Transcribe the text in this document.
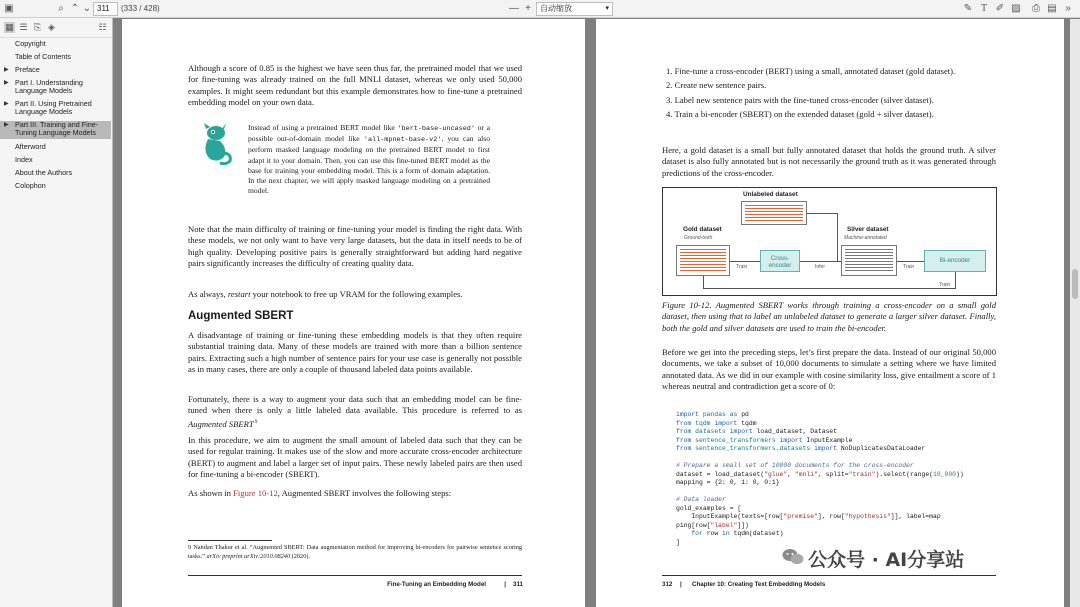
▣	⌕ ⌃ ⌄ 311	(333 / 428)	— +	自动缩放	▾	✎ T ✐ ▨ ⎙ ▤ »
▦ ☰ ⎘ ◈	☷
Copyright
Table of Contents
▶ Preface
▶ Part I. Understanding Language Models
▶ Part II. Using Pretrained Language Models
▶ Part III. Training and Fine-Tuning Language Models
Afterword
Index
About the Authors
Colophon
Although a score of 0.85 is the highest we have seen thus far, the pretrained model that we used for fine-tuning was already trained on the full MNLI dataset, whereas we only used 50,000 examples. It might seem redundant but this example demonstrates how to fine-tune a pretrained embedding model on your own data.
Instead of using a pretrained BERT model like 'bert-base-uncased' or a possible out-of-domain model like 'all-mpnet-base-v2', you can also perform masked language modeling on the pretrained BERT model to first adapt it to your domain. Then, you can use this fine-tuned BERT model as the base for training your embedding model. This is a form of domain adaptation. In the next chapter, we will apply masked language modeling on a pretrained model.
Note that the main difficulty of training or fine-tuning your model is finding the right data. With these models, we not only want to have very large datasets, but the data in itself needs to be of high quality. Developing positive pairs is generally straightforward but adding hard negative pairs significantly increases the difficulty of creating quality data.
As always, restart your notebook to free up VRAM for the following examples.
Augmented SBERT
A disadvantage of training or fine-tuning these embedding models is that they often require substantial training data. Many of these models are trained with more than a billion sentence pairs. Extracting such a high number of sentence pairs for your use case is generally not possible as in many cases, there are only a couple of thousand labeled data points available.
Fortunately, there is a way to augment your data such that an embedding model can be fine-tuned when there is only a little labeled data available. This procedure is referred to as Augmented $SBERT^{.9}$
In this procedure, we aim to augment the small amount of labeled data such that they can be used for regular training. It makes use of the slow and more accurate cross-encoder architecture (BERT) to augment and label a larger set of input pairs. These newly labeled pairs are then used for fine-tuning a bi-encoder (SBERT).
As shown in Figure 10-12, Augmented SBERT involves the following steps:
9 Nandan Thakur et al. “Augmented SBERT: Data augmentation method for improving bi-encoders for pairwise sentence scoring tasks.” arXiv preprint arXiv:2010.08240 (2020).
Fine-Tuning an Embedding Model	| 311
1. Fine-tune a cross-encoder (BERT) using a small, annotated dataset (gold dataset).
2. Create new sentence pairs.
3. Label new sentence pairs with the fine-tuned cross-encoder (silver dataset).
4. Train a bi-encoder (SBERT) on the extended dataset (gold + silver dataset).
Here, a gold dataset is a small but fully annotated dataset that holds the ground truth. A silver dataset is also fully annotated but is not necessarily the ground truth as it was generated through predictions of the cross-encoder.
Unlabeled dataset
Gold dataset
Ground-truth
Cross-encoder
Silver dataset
Machine-annotated
Bi-encoder
Train	Infer	Train
Train
Figure 10-12. Augmented SBERT works through training a cross-encoder on a small gold dataset, then using that to label an unlabeled dataset to generate a larger silver dataset. Finally, both the gold and silver datasets are used to train the bi-encoder.
Before we get into the preceding steps, let’s first prepare the data. Instead of our original 50,000 documents, we take a subset of 10,000 documents to simulate a setting where we have limited annotated data. As we did in our example with cosine similarity loss, give entailment a score of 1 whereas neutral and contradiction get a score of 0:
import pandas as pd
from tqdm import tqdm
from datasets import load_dataset, Dataset
from sentence_transformers import InputExample
from sentence_transformers.datasets import NoDuplicatesDataLoader

# Prepare a small set of 10000 documents for the cross-encoder
dataset = load_dataset("glue", "mnli", split="train").select(range(10_000))
mapping = {2: 0, 1: 0, 0:1}

# Data loader
gold_examples = [
InputExample(texts=[row["premise"], row["hypothesis"]], label=map
ping[row["label"]])
for row in tqdm(dataset)
]
312 | Chapter 10: Creating Text Embedding Models
公众号 · AI分享站
